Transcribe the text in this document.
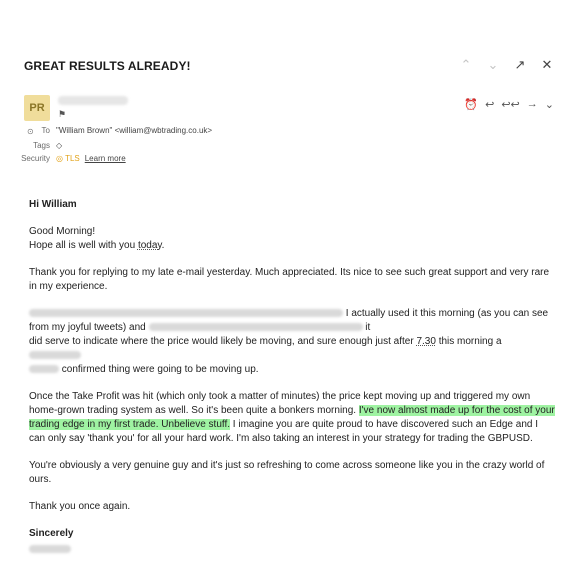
GREAT RESULTS ALREADY!	⌃ ⌄ ↗ ✕
PR	⚑
⏰ ↩ ↩↩ → ⌄
⊙ To "William Brown" <william@wbtrading.co.uk>
Tags ◇
Security ◎ TLS Learn more

Hi William

Good Morning!
Hope all is well with you today.

Thank you for replying to my late e-mail yesterday. Much appreciated. Its nice to see such great support and very rare in my experience.

I actually used it this morning (as you can see
from my joyful tweets) and	it
did serve to indicate where the price would likely be moving, and sure enough just after 7.30 this morning a
confirmed thing were going to be moving up.

Once the Take Profit was hit (which only took a matter of minutes) the price kept moving up and triggered my own home-grown trading system as well. So it's been quite a bonkers morning. I've now almost made up for the cost of your trading edge in my first trade. Unbelieve stuff. I imagine you are quite proud to have discovered such an Edge and I can only say 'thank you' for all your hard work. I'm also taking an interest in your strategy for trading the GBPUSD.

You're obviously a very genuine guy and it's just so refreshing to come across someone like you in the crazy world of ours.

Thank you once again.

Sincerely
